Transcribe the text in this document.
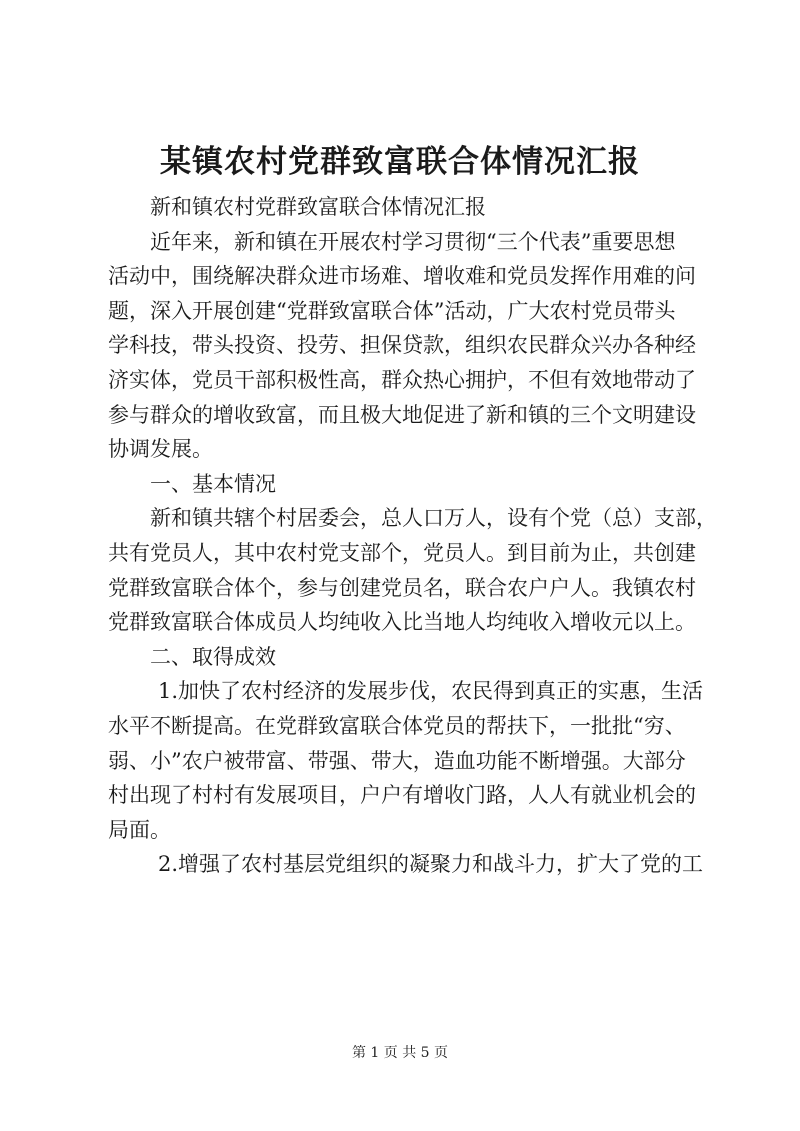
某镇农村党群致富联合体情况汇报
新和镇农村党群致富联合体情况汇报
近年来，新和镇在开展农村学习贯彻“三个代表”重要思想
活动中，围绕解决群众进市场难、增收难和党员发挥作用难的问
题，深入开展创建“党群致富联合体”活动，广大农村党员带头
学科技，带头投资、投劳、担保贷款，组织农民群众兴办各种经
济实体，党员干部积极性高，群众热心拥护，不但有效地带动了
参与群众的增收致富，而且极大地促进了新和镇的三个文明建设
协调发展。
一、基本情况
新和镇共辖个村居委会，总人口万人，设有个党（总）支部，
共有党员人，其中农村党支部个，党员人。到目前为止，共创建
党群致富联合体个，参与创建党员名，联合农户户人。我镇农村
党群致富联合体成员人均纯收入比当地人均纯收入增收元以上。
二、取得成效
1.加快了农村经济的发展步伐，农民得到真正的实惠，生活
水平不断提高。在党群致富联合体党员的帮扶下，一批批“穷、
弱、小”农户被带富、带强、带大，造血功能不断增强。大部分
村出现了村村有发展项目，户户有增收门路，人人有就业机会的
局面。
2.增强了农村基层党组织的凝聚力和战斗力，扩大了党的工
第 1 页 共 5 页
